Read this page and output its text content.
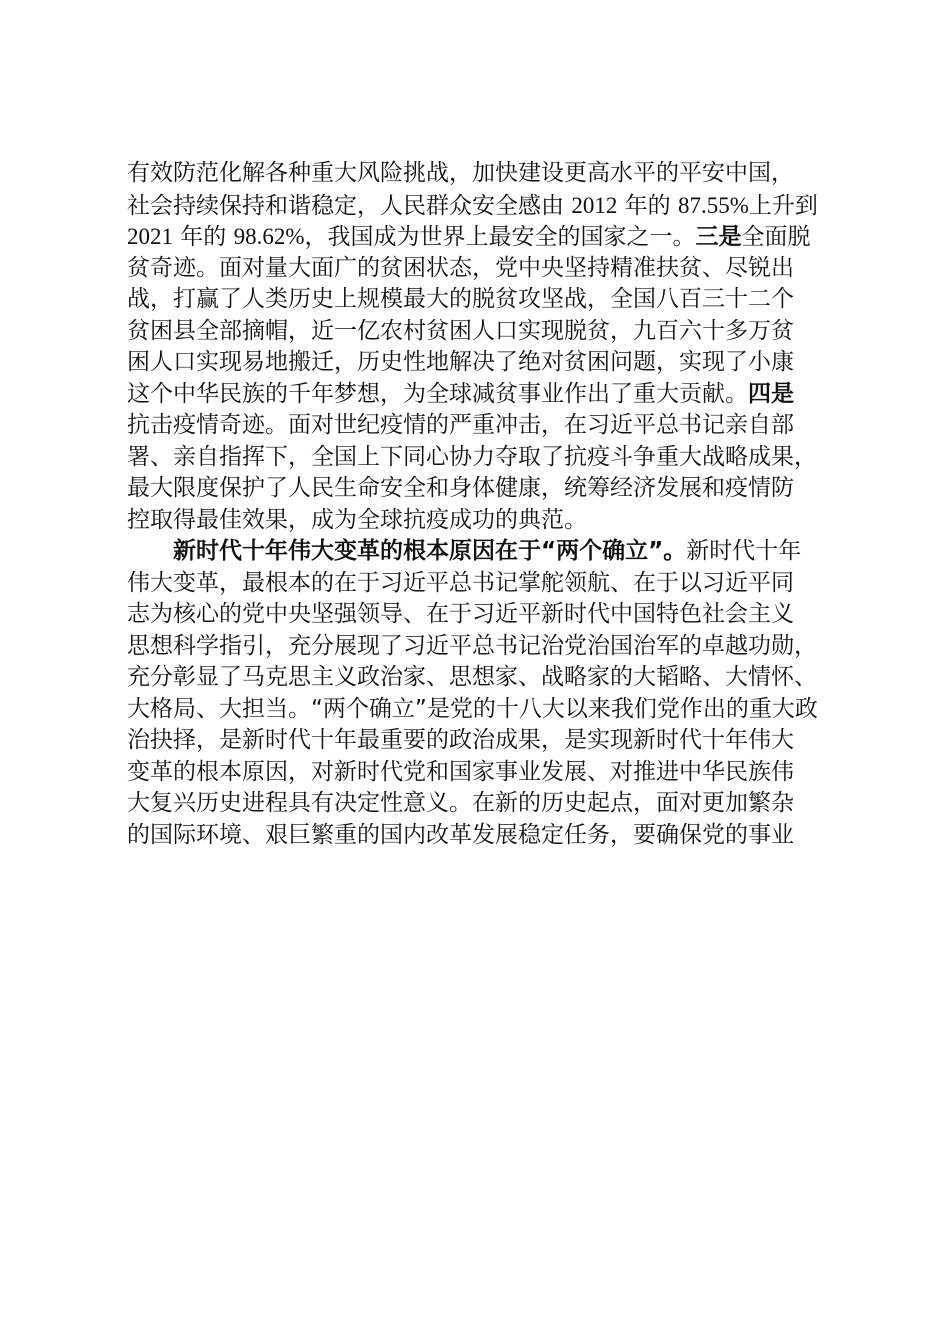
有效防范化解各种重大风险挑战，加快建设更高水平的平安中国，
社会持续保持和谐稳定，人民群众安全感由 2012 年的 87.55%上升到
2021 年的 98.62%，我国成为世界上最安全的国家之一。三是全面脱
贫奇迹。面对量大面广的贫困状态，党中央坚持精准扶贫、尽锐出
战，打赢了人类历史上规模最大的脱贫攻坚战，全国八百三十二个
贫困县全部摘帽，近一亿农村贫困人口实现脱贫，九百六十多万贫
困人口实现易地搬迁，历史性地解决了绝对贫困问题，实现了小康
这个中华民族的千年梦想，为全球减贫事业作出了重大贡献。四是
抗击疫情奇迹。面对世纪疫情的严重冲击，在习近平总书记亲自部
署、亲自指挥下，全国上下同心协力夺取了抗疫斗争重大战略成果，
最大限度保护了人民生命安全和身体健康，统筹经济发展和疫情防
控取得最佳效果，成为全球抗疫成功的典范。
新时代十年伟大变革的根本原因在于“两个确立”。新时代十年
伟大变革，最根本的在于习近平总书记掌舵领航、在于以习近平同
志为核心的党中央坚强领导、在于习近平新时代中国特色社会主义
思想科学指引，充分展现了习近平总书记治党治国治军的卓越功勋，
充分彰显了马克思主义政治家、思想家、战略家的大韬略、大情怀、
大格局、大担当。“两个确立”是党的十八大以来我们党作出的重大政
治抉择，是新时代十年最重要的政治成果，是实现新时代十年伟大
变革的根本原因，对新时代党和国家事业发展、对推进中华民族伟
大复兴历史进程具有决定性意义。在新的历史起点，面对更加繁杂
的国际环境、艰巨繁重的国内改革发展稳定任务，要确保党的事业
